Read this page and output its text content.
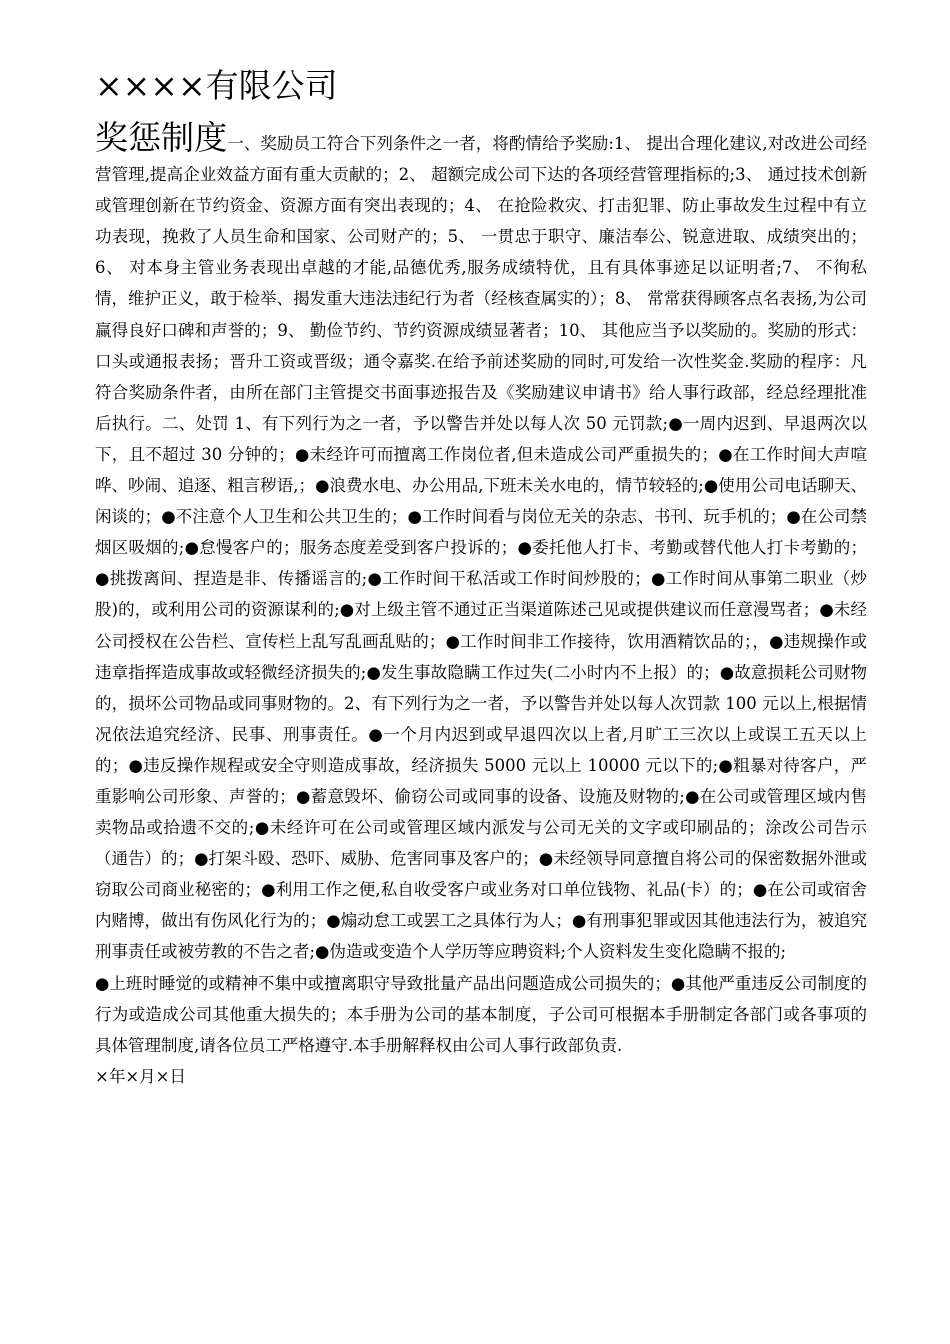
××××有限公司

奖惩制度一、奖励员工符合下列条件之一者，将酌情给予奖励:1、 提出合理化建议,对改进公司经营管理,提高企业效益方面有重大贡献的；2、 超额完成公司下达的各项经营管理指标的;3、 通过技术创新或管理创新在节约资金、资源方面有突出表现的；4、 在抢险救灾、打击犯罪、防止事故发生过程中有立功表现，挽救了人员生命和国家、公司财产的；5、 一贯忠于职守、廉洁奉公、锐意进取、成绩突出的；6、 对本身主管业务表现出卓越的才能,品德优秀,服务成绩特优，且有具体事迹足以证明者;7、 不徇私情，维护正义，敢于检举、揭发重大违法违纪行为者（经核查属实的）；8、 常常获得顾客点名表扬,为公司赢得良好口碑和声誉的；9、 勤俭节约、节约资源成绩显著者；10、 其他应当予以奖励的。奖励的形式：口头或通报表扬；晋升工资或晋级；通令嘉奖.在给予前述奖励的同时,可发给一次性奖金.奖励的程序：凡符合奖励条件者，由所在部门主管提交书面事迹报告及《奖励建议申请书》给人事行政部，经总经理批准后执行。二、处罚 1、有下列行为之一者，予以警告并处以每人次 50 元罚款;●一周内迟到、早退两次以下，且不超过 30 分钟的；●未经许可而擅离工作岗位者,但未造成公司严重损失的；●在工作时间大声喧哗、吵闹、追逐、粗言秽语,；●浪费水电、办公用品,下班未关水电的，情节较轻的;●使用公司电话聊天、闲谈的；●不注意个人卫生和公共卫生的；●工作时间看与岗位无关的杂志、书刊、玩手机的；●在公司禁烟区吸烟的;●怠慢客户的；服务态度差受到客户投诉的；●委托他人打卡、考勤或替代他人打卡考勤的；●挑拨离间、捏造是非、传播谣言的;●工作时间干私活或工作时间炒股的；●工作时间从事第二职业（炒股)的，或利用公司的资源谋利的;●对上级主管不通过正当渠道陈述己见或提供建议而任意漫骂者；●未经公司授权在公告栏、宣传栏上乱写乱画乱贴的；●工作时间非工作接待，饮用酒精饮品的；，●违规操作或违章指挥造成事故或轻微经济损失的;●发生事故隐瞒工作过失(二小时内不上报）的；●故意损耗公司财物的，损坏公司物品或同事财物的。2、有下列行为之一者，予以警告并处以每人次罚款 100 元以上,根据情况依法追究经济、民事、刑事责任。●一个月内迟到或早退四次以上者,月旷工三次以上或误工五天以上的；●违反操作规程或安全守则造成事故，经济损失 5000 元以上 10000 元以下的;●粗暴对待客户，严重影响公司形象、声誉的；●蓄意毁坏、偷窃公司或同事的设备、设施及财物的;●在公司或管理区域内售卖物品或拾遗不交的;●未经许可在公司或管理区域内派发与公司无关的文字或印刷品的；涂改公司告示（通告）的；●打架斗殴、恐吓、威胁、危害同事及客户的；●未经领导同意擅自将公司的保密数据外泄或窃取公司商业秘密的；●利用工作之便,私自收受客户或业务对口单位钱物、礼品(卡）的；●在公司或宿舍内赌博，做出有伤风化行为的；●煽动怠工或罢工之具体行为人；●有刑事犯罪或因其他违法行为，被追究刑事责任或被劳教的不告之者;●伪造或变造个人学历等应聘资料;个人资料发生变化隐瞒不报的;

●上班时睡觉的或精神不集中或擅离职守导致批量产品出问题造成公司损失的；●其他严重违反公司制度的行为或造成公司其他重大损失的；本手册为公司的基本制度，子公司可根据本手册制定各部门或各事项的具体管理制度,请各位员工严格遵守.本手册解释权由公司人事行政部负责.

×年×月×日
